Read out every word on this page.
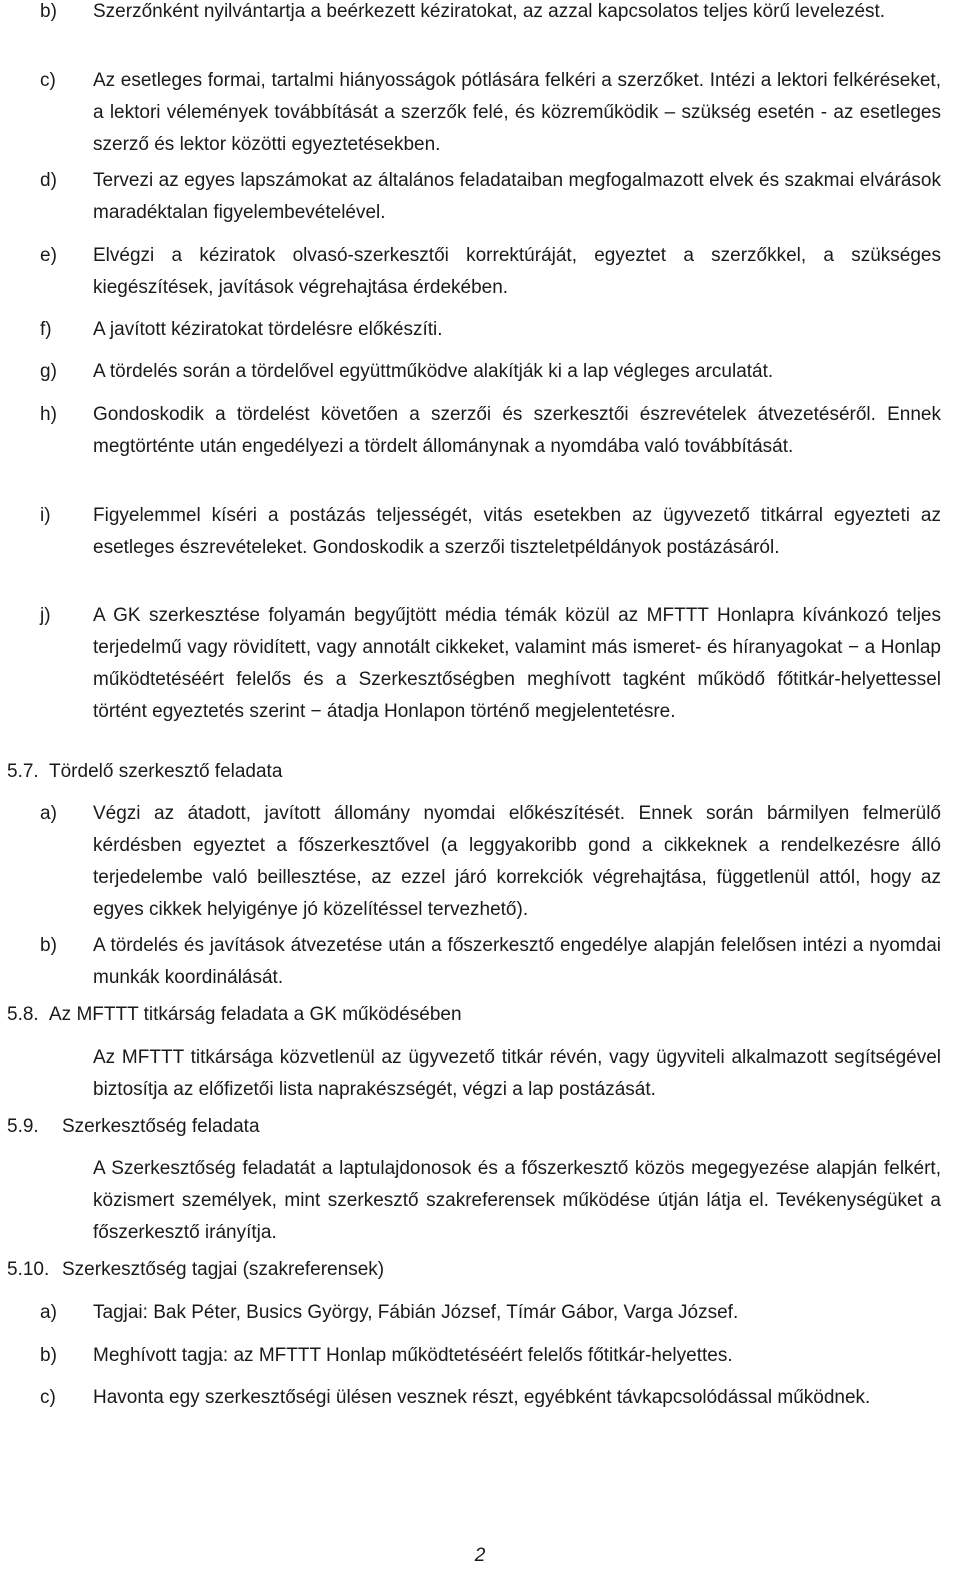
b) Szerzőnként nyilvántartja a beérkezett kéziratokat, az azzal kapcsolatos teljes körű levelezést.

c) Az esetleges formai, tartalmi hiányosságok pótlására felkéri a szerzőket. Intézi a lektori felkéréseket, a lektori vélemények továbbítását a szerzők felé, és közreműködik – szükség esetén - az esetleges szerző és lektor közötti egyeztetésekben.

d) Tervezi az egyes lapszámokat az általános feladataiban megfogalmazott elvek és szakmai elvárások maradéktalan figyelembevételével.

e) Elvégzi a kéziratok olvasó-szerkesztői korrektúráját, egyeztet a szerzőkkel, a szükséges kiegészítések, javítások végrehajtása érdekében.

f) A javított kéziratokat tördelésre előkészíti.

g) A tördelés során a tördelővel együttműködve alakítják ki a lap végleges arculatát.

h) Gondoskodik a tördelést követően a szerzői és szerkesztői észrevételek átvezetéséről. Ennek megtörténte után engedélyezi a tördelt állománynak a nyomdába való továbbítását.

i) Figyelemmel kíséri a postázás teljességét, vitás esetekben az ügyvezető titkárral egyezteti az esetleges észrevételeket. Gondoskodik a szerzői tiszteletpéldányok postázásáról.

j) A GK szerkesztése folyamán begyűjtött média témák közül az MFTTT Honlapra kívánkozó teljes terjedelmű vagy rövidített, vagy annotált cikkeket, valamint más ismeret- és híranyagokat − a Honlap működtetéséért felelős és a Szerkesztőségben meghívott tagként működő főtitkár-helyettessel történt egyeztetés szerint − átadja Honlapon történő megjelentetésre.

5.7. Tördelő szerkesztő feladata

a) Végzi az átadott, javított állomány nyomdai előkészítését. Ennek során bármilyen felmerülő kérdésben egyeztet a főszerkesztővel (a leggyakoribb gond a cikkeknek a rendelkezésre álló terjedelembe való beillesztése, az ezzel járó korrekciók végrehajtása, függetlenül attól, hogy az egyes cikkek helyigénye jó közelítéssel tervezhető).

b) A tördelés és javítások átvezetése után a főszerkesztő engedélye alapján felelősen intézi a nyomdai munkák koordinálását.

5.8. Az MFTTT titkárság feladata a GK működésében

Az MFTTT titkársága közvetlenül az ügyvezető titkár révén, vagy ügyviteli alkalmazott segítségével biztosítja az előfizetői lista naprakészségét, végzi a lap postázását.

5.9. Szerkesztőség feladata

A Szerkesztőség feladatát a laptulajdonosok és a főszerkesztő közös megegyezése alapján felkért, közismert személyek, mint szerkesztő szakreferensek működése útján látja el. Tevékenységüket a főszerkesztő irányítja.

5.10. Szerkesztőség tagjai (szakreferensek)

a) Tagjai: Bak Péter, Busics György, Fábián József, Tímár Gábor, Varga József.

b) Meghívott tagja: az MFTTT Honlap működtetéséért felelős főtitkár-helyettes.

c) Havonta egy szerkesztőségi ülésen vesznek részt, egyébként távkapcsolódással működnek.

2
